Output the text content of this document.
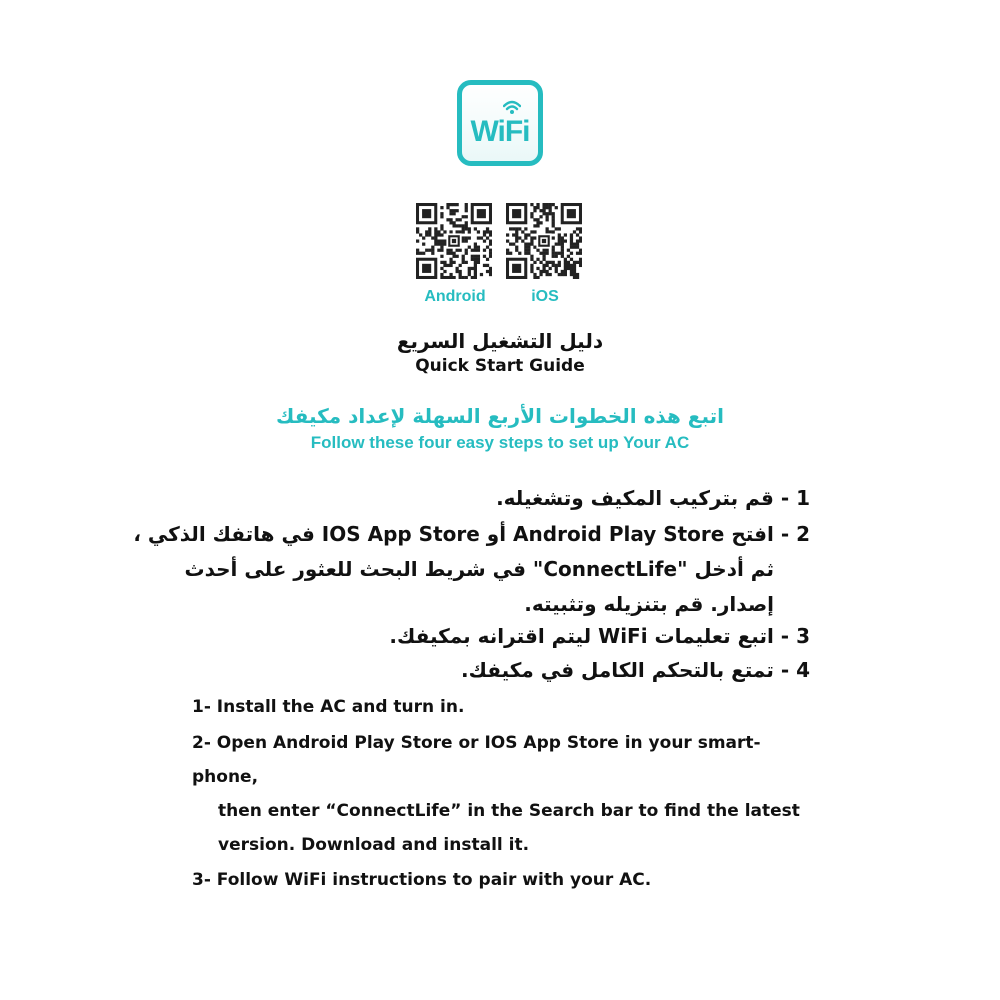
WiFi
Android	iOS
دليل التشغيل السريع
Quick Start Guide
اتبع هذه الخطوات الأربع السهلة لإعداد مكيفك
Follow these four easy steps to set up Your AC
1 - قم بتركيب المكيف وتشغيله.
2 - افتح Android Play Store أو IOS App Store في هاتفك الذكي ،
ثم أدخل "ConnectLife" في شريط البحث للعثور على أحدث
إصدار. قم بتنزيله وتثبيته.
3 - اتبع تعليمات WiFi ليتم اقترانه بمكيفك.
4 - تمتع بالتحكم الكامل في مكيفك.
1- Install the AC and turn in.
2- Open Android Play Store or IOS App Store in your smart-
phone,
then enter “ConnectLife” in the Search bar to find the latest
version. Download and install it.
3- Follow WiFi instructions to pair with your AC.
